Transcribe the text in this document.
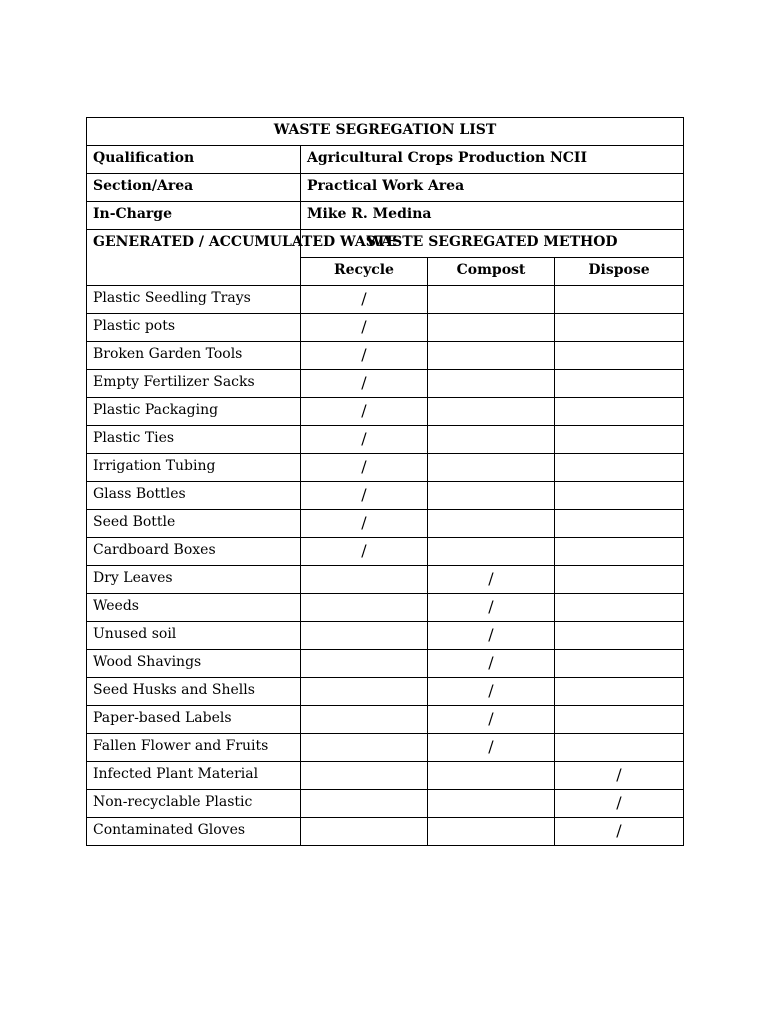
WASTE SEGREGATION LIST			
Qualification	Agricultural Crops Production NCII		
Section/Area	Practical Work Area		
In-Charge	Mike R. Medina		
GENERATED / ACCUMULATED WASTE	WASTE SEGREGATED METHOD		
	Recycle	Compost	Dispose
Plastic Seedling Trays	/		
Plastic pots	/		
Broken Garden Tools	/		
Empty Fertilizer Sacks	/		
Plastic Packaging	/		
Plastic Ties	/		
Irrigation Tubing	/		
Glass Bottles	/		
Seed Bottle	/		
Cardboard Boxes	/		
Dry Leaves		/	
Weeds		/	
Unused soil		/	
Wood Shavings		/	
Seed Husks and Shells		/	
Paper-based Labels		/	
Fallen Flower and Fruits		/	
Infected Plant Material			/
Non-recyclable Plastic			/
Contaminated Gloves			/
